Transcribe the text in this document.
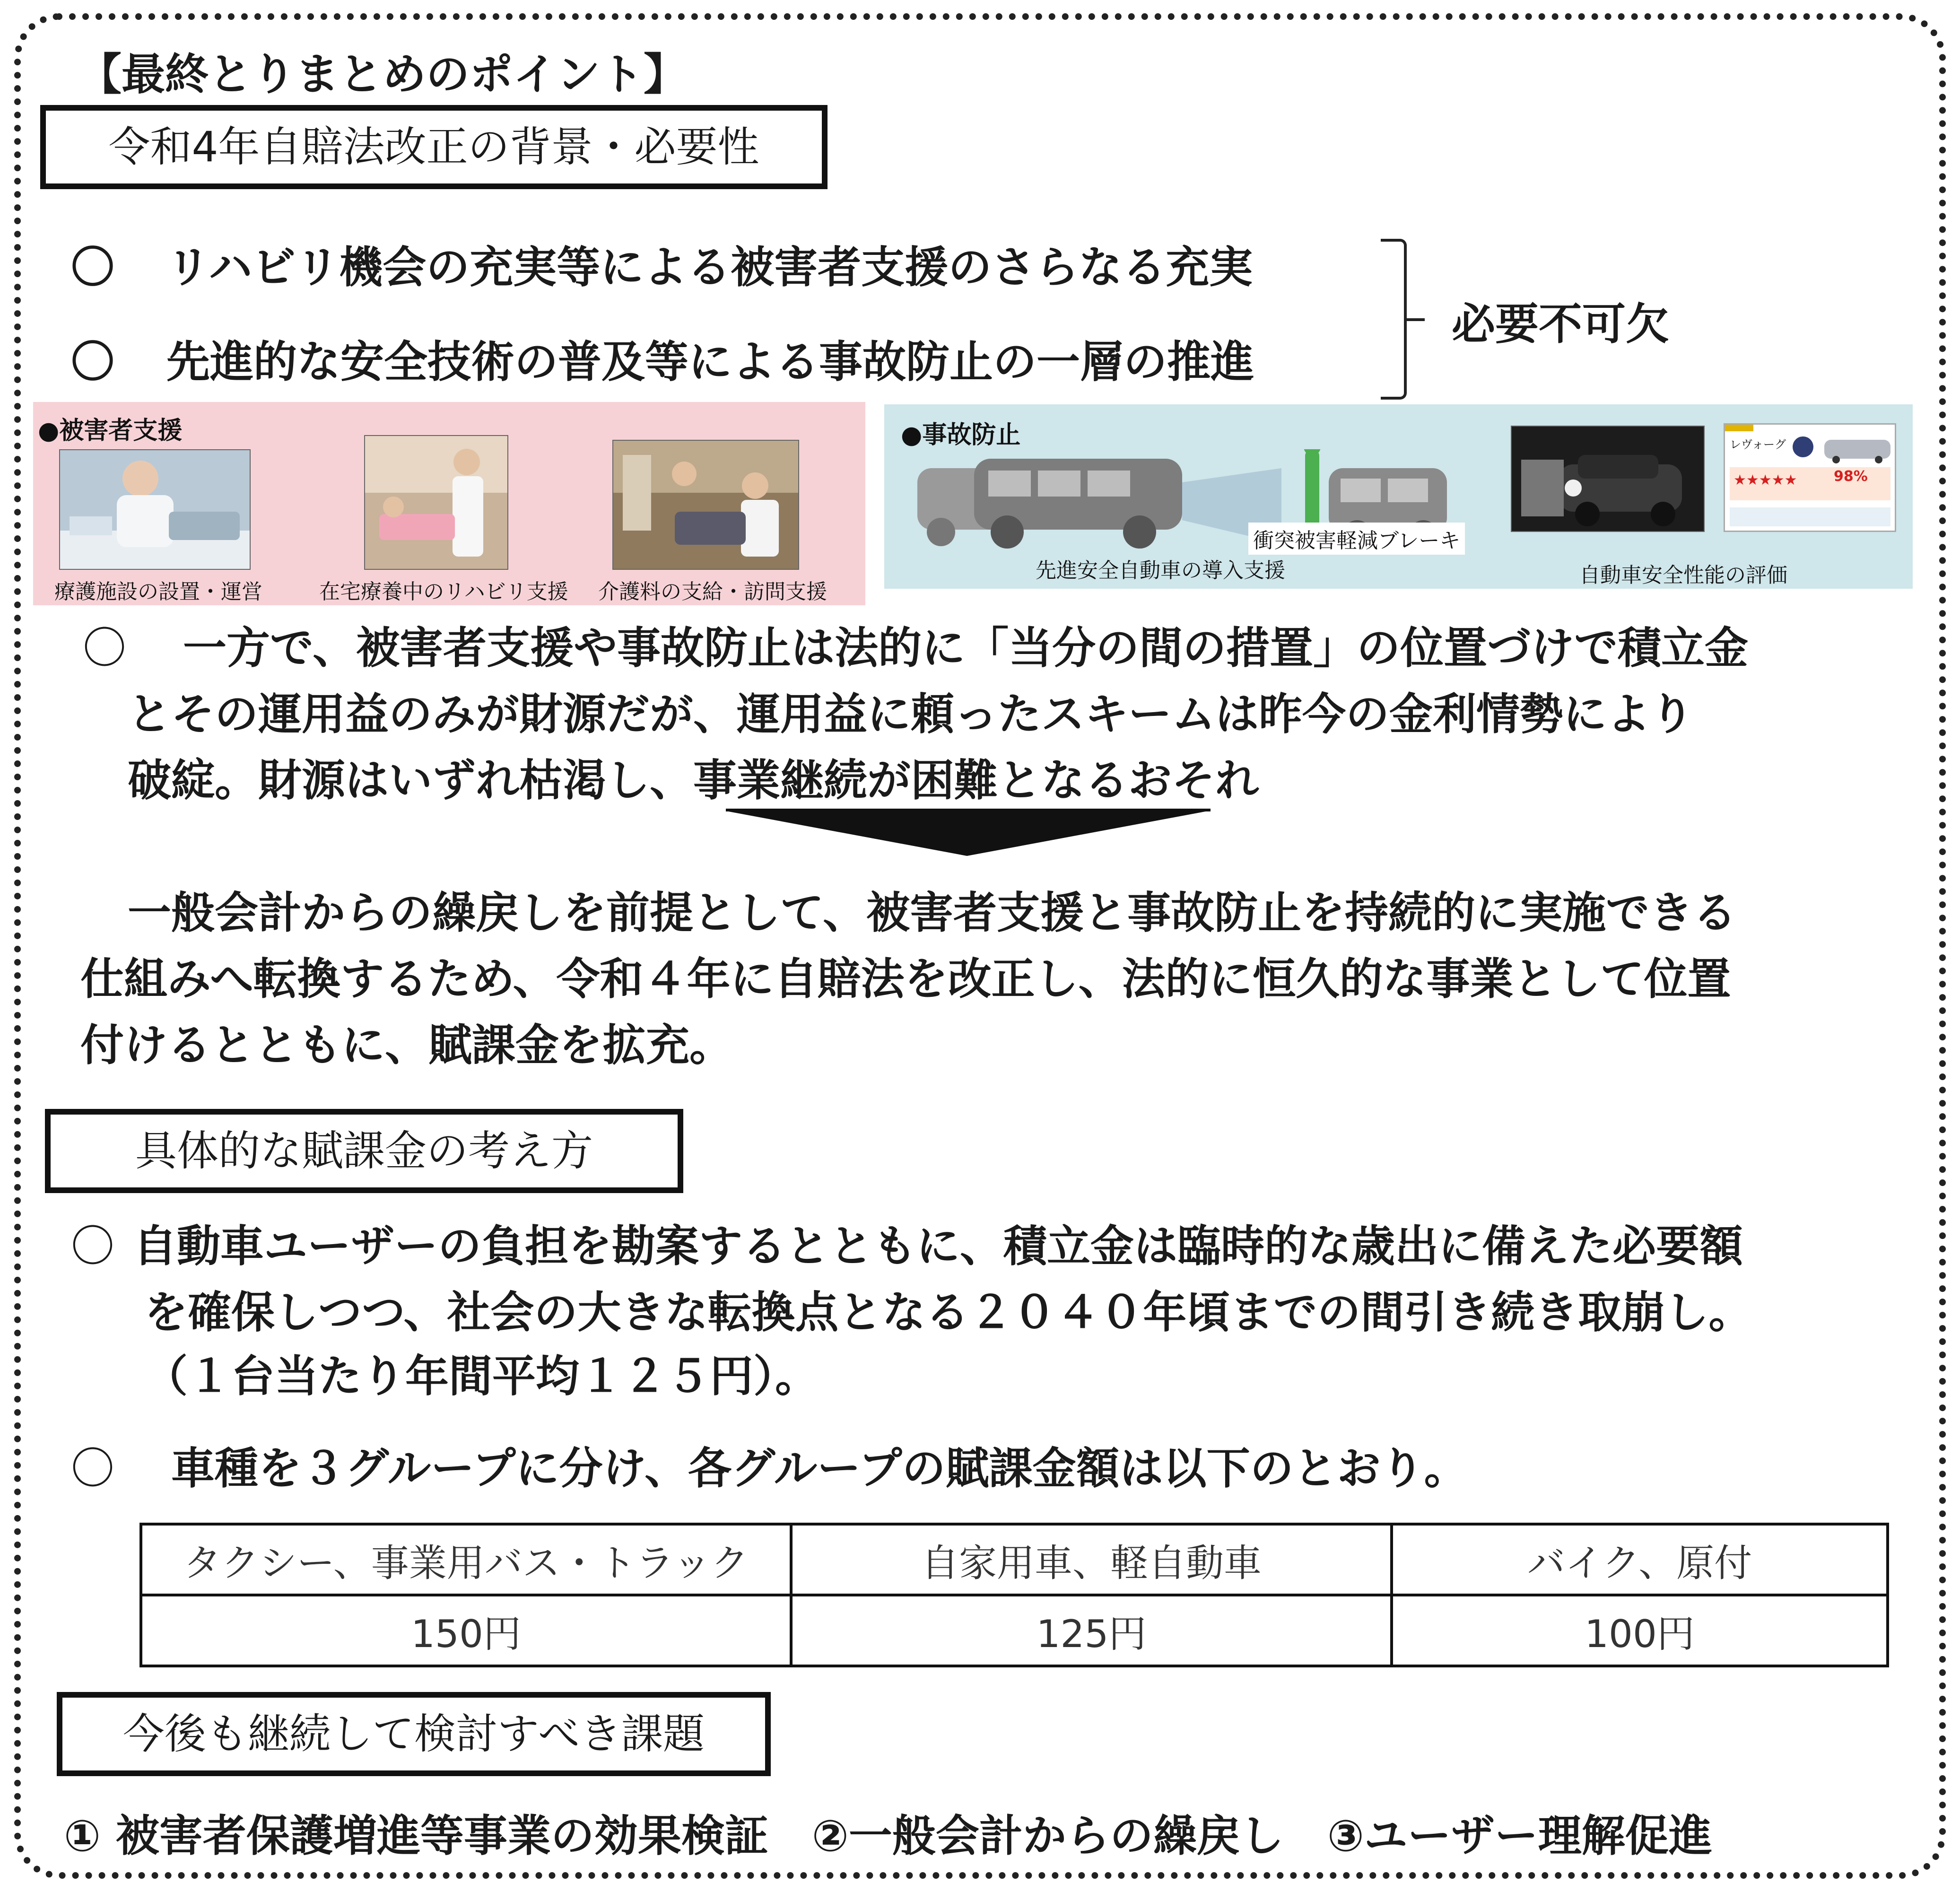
【最終とりまとめのポイント】
令和4年自賠法改正の背景・必要性
〇 リハビリ機会の充実等による被害者支援のさらなる充実
〇 先進的な安全技術の普及等による事故防止の一層の推進
必要不可欠
●被害者支援
療護施設の設置・運営	在宅療養中のリハビリ支援 介護料の支給・訪問支援
●事故防止
衝突被害軽減ブレーキ
レヴォーグ
★★★★★	98%
先進安全自動車の導入支援	自動車安全性能の評価
〇 一方で、被害者支援や事故防止は法的に「当分の間の措置」の位置づけで積立金
とその運用益のみが財源だが、運用益に頼ったスキームは昨今の金利情勢により
破綻。財源はいずれ枯渇し、事業継続が困難となるおそれ
一般会計からの繰戻しを前提として、被害者支援と事故防止を持続的に実施できる
仕組みへ転換するため、令和４年に自賠法を改正し、法的に恒久的な事業として位置
付けるとともに、賦課金を拡充。
具体的な賦課金の考え方
〇 自動車ユーザーの負担を勘案するとともに、積立金は臨時的な歳出に備えた必要額
を確保しつつ、社会の大きな転換点となる２０４０年頃までの間引き続き取崩し。
（１台当たり年間平均１２５円）。
〇 車種を３グループに分け、各グループの賦課金額は以下のとおり。
タクシー、事業用バス・トラック	自家用車、軽自動車	バイク、原付
150円	125円	100円
今後も継続して検討すべき課題
① 被害者保護増進等事業の効果検証　②一般会計からの繰戻し　③ユーザー理解促進
